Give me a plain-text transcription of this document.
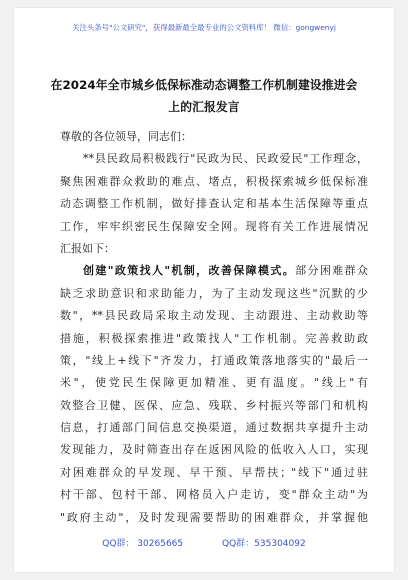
关注头条号"公文研究"，获得最新最全最专业的公文资料库！ 微信：gongwenyj
在2024年全市城乡低保标准动态调整工作机制建设推进会
上的汇报发言
尊敬的各位领导，同志们：
**县民政局积极践行"民政为民、民政爱民"工作理念，
聚焦困难群众救助的难点、堵点，积极探索城乡低保标准
动态调整工作机制，做好排查认定和基本生活保障等重点
工作，牢牢织密民生保障安全网。现将有关工作进展情况
汇报如下：
创建"政策找人"机制，改善保障模式。部分困难群众
缺乏求助意识和求助能力，为了主动发现这些"沉默的少
数"，**县民政局采取主动发现、主动跟进、主动救助等
措施，积极探索推进"政策找人"工作机制。完善救助政
策，"线上+线下"齐发力，打通政策落地落实的"最后一
米"，使党民生保障更加精准、更有温度。"线上"有
效整合卫健、医保、应急、残联、乡村振兴等部门和机构
信息，打通部门间信息交换渠道，通过数据共享提升主动
发现能力，及时筛查出存在返困风险的低收入人口，实现
对困难群众的早发现、早干预、早帮扶；"线下"通过驻
村干部、包村干部、网格员入户走访，变"群众主动"为
"政府主动"，及时发现需要帮助的困难群众，并掌握他
QQ群： 30265665	QQ群：535304092
